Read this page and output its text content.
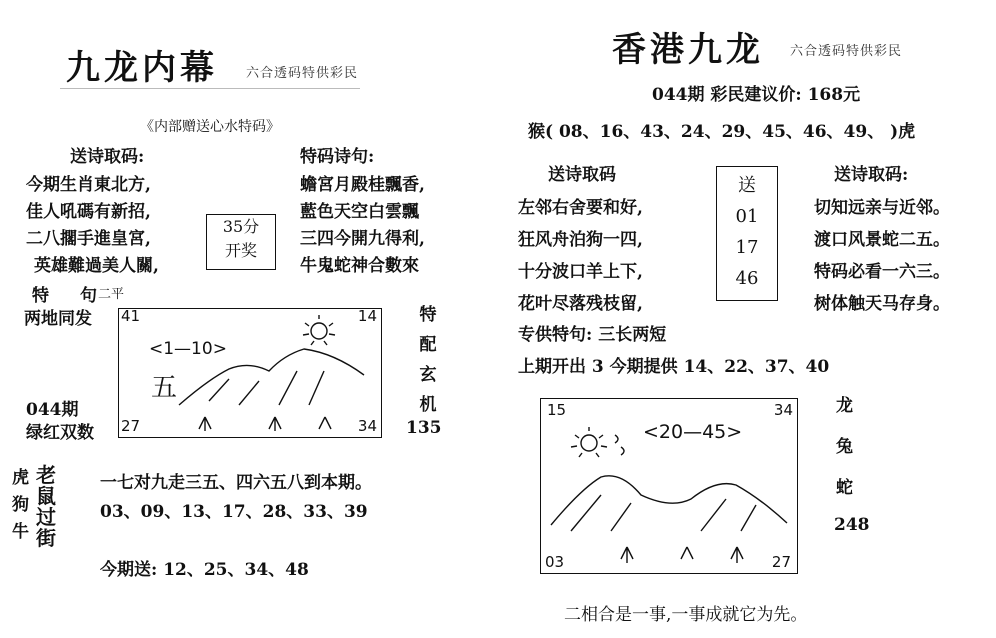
九龙内幕 六合透码特供彩民
《内部赠送心水特码》
送诗取码:	特码诗句:
今期生肖東北方,
佳人吼碼有新招,
二八擱手進皇宮,
英雄難過美人關,
蟾宮月殿桂飄香,
藍色天空白雲飄
三四今開九得利,
牛鬼蛇神合數來
35分
开奖
特 句 二平
两地同发 41	14
27	34
<1—10>
五
特配玄机
044期
绿红双数	135
虎
狗
牛
老鼠过街
一七对九走三五、四六五八到本期。
03、09、13、17、28、33、39
今期送: 12、25、34、48
香港九龙 六合透码特供彩民
044期 彩民建议价: 168元
猴( 08、16、43、24、29、45、46、49、 )虎
送诗取码	送诗取码:
左邻右舍要和好,
狂风舟泊狗一四,
十分波口羊上下,
花叶尽落残枝留,
切知远亲与近邻。
渡口风景蛇二五。
特码必看一六三。
树体触天马存身。
送
01
17
46
专供特句: 三长两短
上期开出 3 今期提供 14、22、37、40
15	34
03	27
<20—45>
龙
兔
蛇
248
二相合是一事,一事成就它为先。
